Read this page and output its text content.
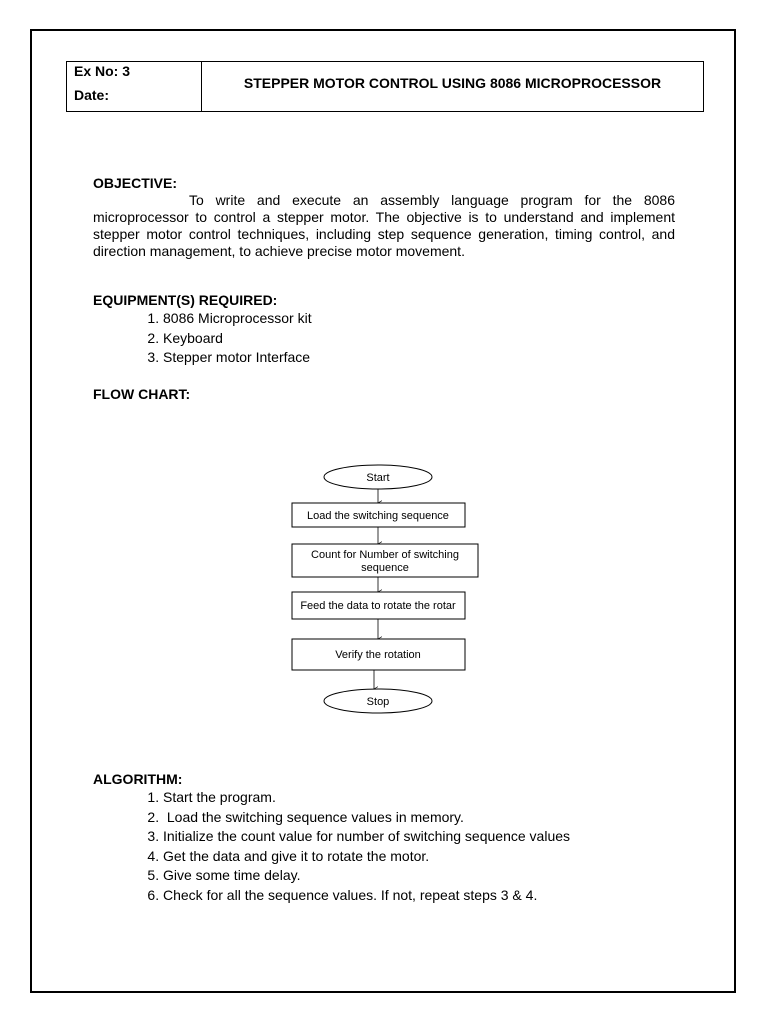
Ex No: 3
Date:
STEPPER MOTOR CONTROL USING 8086 MICROPROCESSOR
OBJECTIVE:
To write and execute an assembly language program for the 8086 microprocessor to control a stepper motor. The objective is to understand and implement stepper motor control techniques, including step sequence generation, timing control, and direction management, to achieve precise motor movement.
EQUIPMENT(S) REQUIRED:
1. 8086 Microprocessor kit
2. Keyboard
3. Stepper motor Interface
FLOW CHART:
Start
Load the switching sequence
Count for Number of switching
sequence
Feed the data to rotate the rotar
Verify the rotation
Stop
ALGORITHM:
1. Start the program.
2.  Load the switching sequence values in memory.
3. Initialize the count value for number of switching sequence values
4. Get the data and give it to rotate the motor.
5. Give some time delay.
6. Check for all the sequence values. If not, repeat steps 3 & 4.
